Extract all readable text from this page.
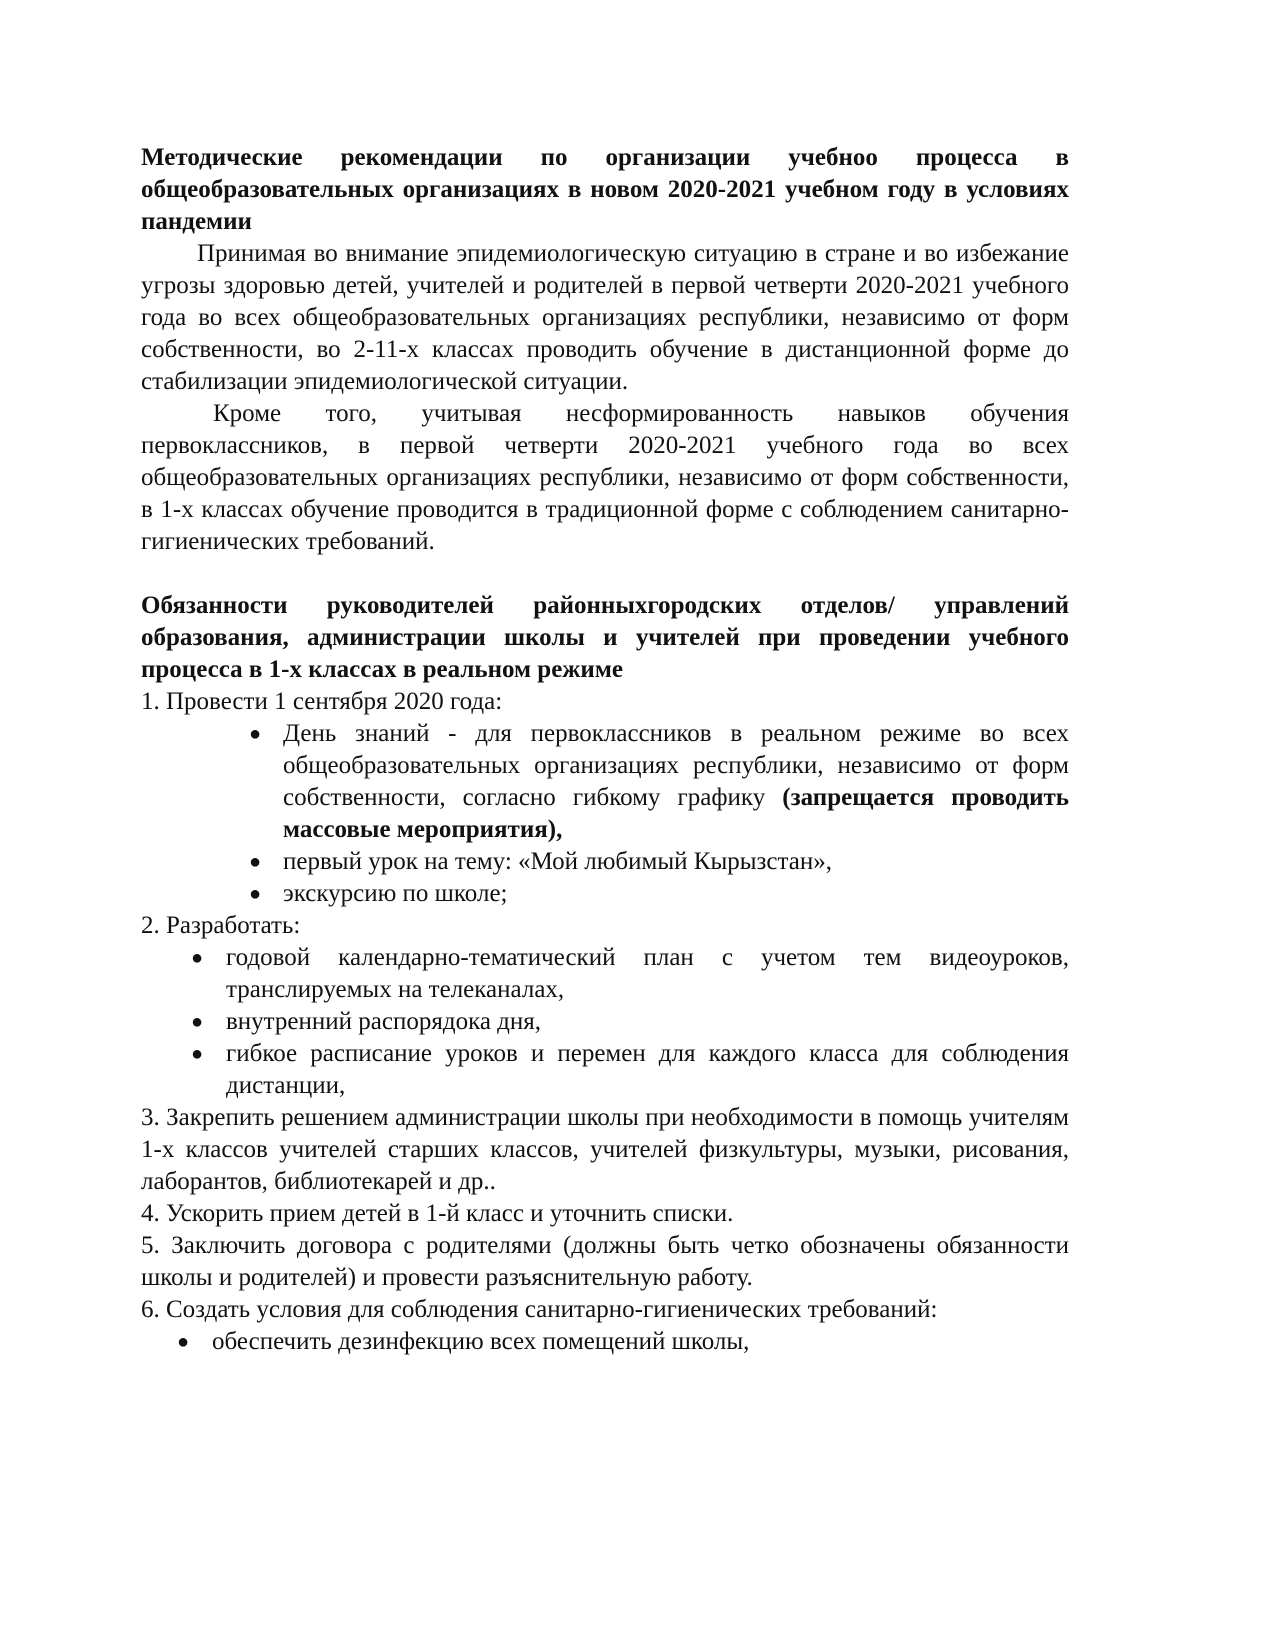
Методические рекомендации по организации учебноо процесса в общеобразовательных организациях в новом 2020-2021 учебном году в условиях пандемии

Принимая во внимание эпидемиологическую ситуацию в стране и во избежание угрозы здоровью детей, учителей и родителей в первой четверти 2020-2021 учебного года во всех общеобразовательных организациях республики, независимо от форм собственности, во 2-11-х классах проводить обучение в дистанционной форме до стабилизации эпидемиологической ситуации.

Кроме того, учитывая несформированность навыков обучения первоклассников, в первой четверти 2020-2021 учебного года во всех общеобразовательных организациях республики, независимо от форм собственности, в 1-х классах обучение проводится в традиционной форме с соблюдением санитарно-гигиенических требований.

Обязанности руководителей районныхгородских отделов/ управлений образования, администрации школы и учителей при проведении учебного процесса в 1-х классах в реальном режиме

1. Провести 1 сентября 2020 года:

● День знаний - для первоклассников в реальном режиме во всех общеобразовательных организациях республики, независимо от форм собственности, согласно гибкому графику (запрещается проводить массовые мероприятия),
● первый урок на тему: «Мой любимый Кырызстан»,
● экскурсию по школе;

2. Разработать:

● годовой календарно-тематический план с учетом тем видеоуроков, транслируемых на телеканалах,
● внутренний распорядока дня,
● гибкое расписание уроков и перемен для каждого класса для соблюдения дистанции,

3. Закрепить решением администрации школы при необходимости в помощь учителям 1-х классов учителей старших классов, учителей физкультуры, музыки, рисования, лаборантов, библиотекарей и др..

4. Ускорить прием детей в 1-й класс и уточнить списки.

5. Заключить договора с родителями (должны быть четко обозначены обязанности школы и родителей) и провести разъяснительную работу.

6. Создать условия для соблюдения санитарно-гигиенических требований:

● обеспечить дезинфекцию всех помещений школы,
